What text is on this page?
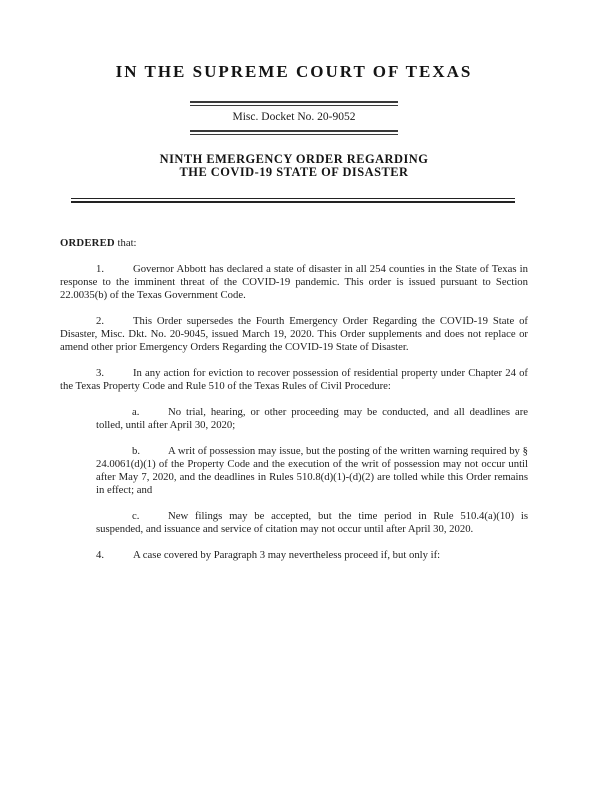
IN THE SUPREME COURT OF TEXAS
Misc. Docket No. 20-9052
NINTH EMERGENCY ORDER REGARDING
THE COVID-19 STATE OF DISASTER

ORDERED that:

1.	Governor Abbott has declared a state of disaster in all 254 counties in the State of Texas in response to the imminent threat of the COVID-19 pandemic. This order is issued pursuant to Section 22.0035(b) of the Texas Government Code.

2.	This Order supersedes the Fourth Emergency Order Regarding the COVID-19 State of Disaster, Misc. Dkt. No. 20-9045, issued March 19, 2020. This Order supplements and does not replace or amend other prior Emergency Orders Regarding the COVID-19 State of Disaster.

3.	In any action for eviction to recover possession of residential property under Chapter 24 of the Texas Property Code and Rule 510 of the Texas Rules of Civil Procedure:

a.	No trial, hearing, or other proceeding may be conducted, and all deadlines are tolled, until after April 30, 2020;

b.	A writ of possession may issue, but the posting of the written warning required by § 24.0061(d)(1) of the Property Code and the execution of the writ of possession may not occur until after May 7, 2020, and the deadlines in Rules 510.8(d)(1)-(d)(2) are tolled while this Order remains in effect; and

c.	New filings may be accepted, but the time period in Rule 510.4(a)(10) is suspended, and issuance and service of citation may not occur until after April 30, 2020.

4.	A case covered by Paragraph 3 may nevertheless proceed if, but only if:
